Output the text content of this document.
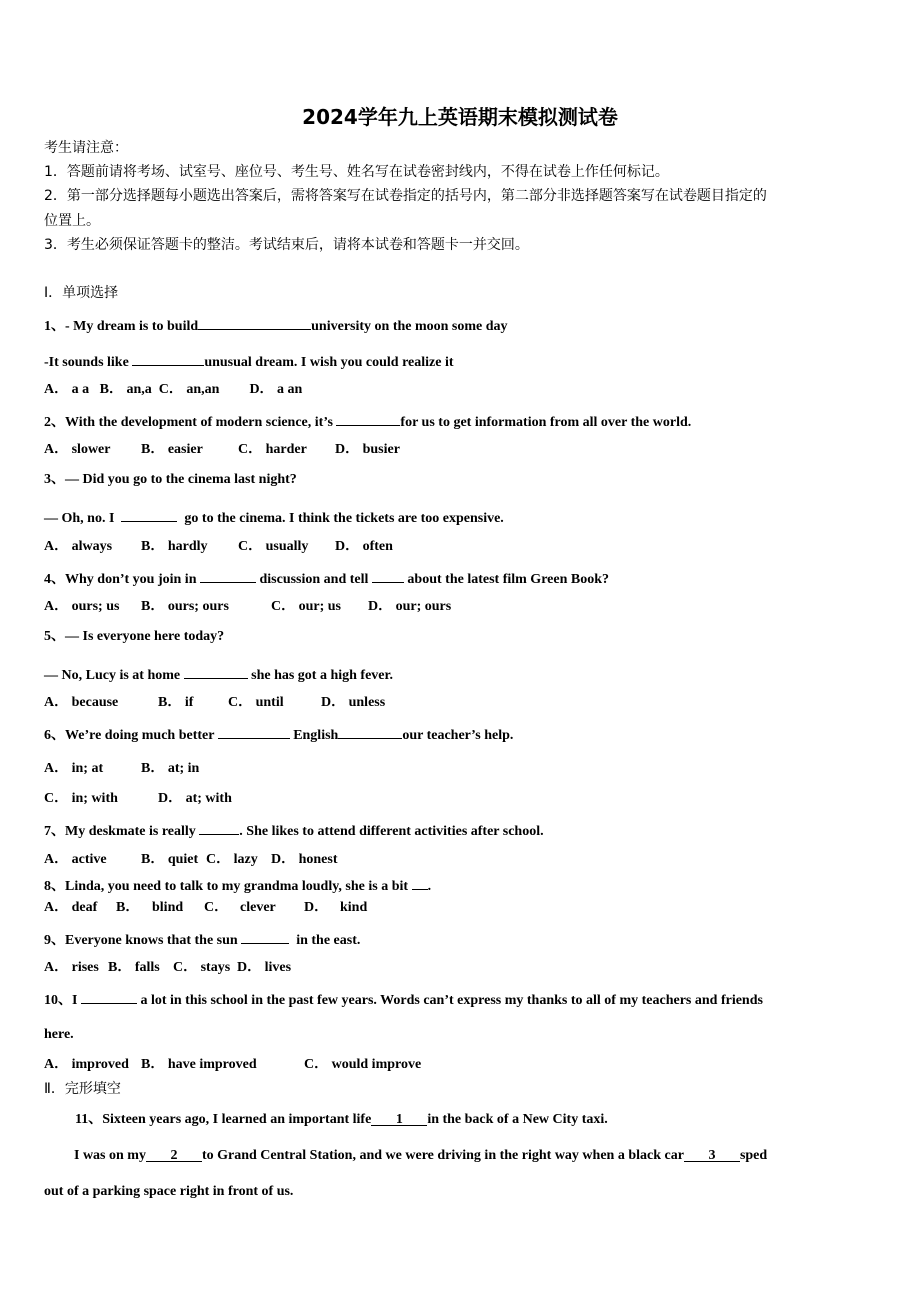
2024学年九上英语期末模拟测试卷
考生请注意：
1．答题前请将考场、试室号、座位号、考生号、姓名写在试卷密封线内，不得在试卷上作任何标记。
2．第一部分选择题每小题选出答案后，需将答案写在试卷指定的括号内，第二部分非选择题答案写在试卷题目指定的
位置上。
3．考生必须保证答题卡的整洁。考试结束后，请将本试卷和答题卡一并交回。
Ⅰ．单项选择
1、- My dream is to build	university on the moon some day
-It sounds like	unusual dream. I wish you could realize it
A． a a B． an,a C． an,an D． a an
2、With the development of modern science, it’s	for us to get information from all over the world.
A． slower B． easier	C． harder D． busier
3、— Did you go to the cinema last night?
— Oh, no. I	go to the cinema. I think the tickets are too expensive.
A． always B． hardly C． usually D． often
4、Why don’t you join in	discussion and tell	about the latest film Green Book?
A． ours; us B． ours; ours	C． our; us D． our; ours
5、— Is everyone here today?
— No, Lucy is at home	she has got a high fever.
A． because	B． if C． until	D． unless
6、We’re doing much better	English	our teacher’s help.
A． in; at	B． at; in
C． in; with	D． at; with
7、My deskmate is really	. She likes to attend different activities after school.
A． active B． quiet C． lazy D． honest
8、Linda, you need to talk to my grandma loudly, she is a bit .
A． deaf B． blind C． clever D． kind
9、Everyone knows that the sun	in the east.
A． rises B． falls C． stays D． lives
10、I	a lot in this school in the past few years. Words can’t express my thanks to all of my teachers and friends
here.
A． improved B． have improved	C． would improve
Ⅱ．完形填空
11、Sixteen years ago, I learned an important life 1 in the back of a New City taxi.
I was on my 2 to Grand Central Station, and we were driving in the right way when a black car 3 sped
out of a parking space right in front of us.
